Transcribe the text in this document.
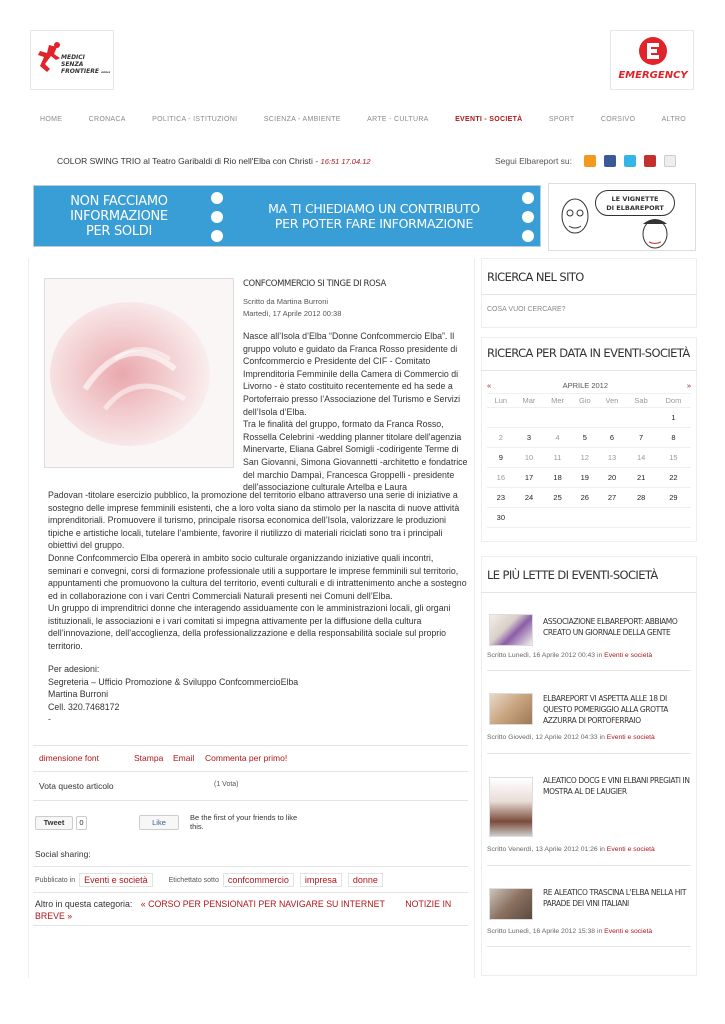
MEDICI
SENZA FRONTIERE onlus	EMERGENCY
HOME	CRONACA	POLITICA - ISTITUZIONI	SCIENZA - AMBIENTE	ARTE - CULTURA	EVENTI - SOCIETÀ	SPORT	CORSIVO	ALTRO
COLOR SWING TRIO al Teatro Garibaldi di Rio nell'Elba con Christi - 16:51 17.04.12	Segui Elbareport su:
NON FACCIAMO
INFORMAZIONE
PER SOLDI
MA TI CHIEDIAMO UN CONTRIBUTO
PER POTER FARE INFORMAZIONE
LE VIGNETTE
DI ELBAREPORT
CONFCOMMERCIO SI TINGE DI ROSA
Scritto da Martina Burroni
Martedì, 17 Aprile 2012 00:38
Nasce all’Isola d’Elba “Donne Confcommercio Elba”. Il gruppo voluto e guidato da Franca Rosso presidente di Confcommercio e Presidente del CIF - Comitato Imprenditoria Femminile della Camera di Commercio di Livorno - è stato costituito recentemente ed ha sede a Portoferraio presso l’Associazione del Turismo e Servizi dell’Isola d’Elba.
Tra le finalità del gruppo, formato da Franca Rosso, Rossella Celebrini -wedding planner titolare dell'agenzia Minervarte, Eliana Gabrel Somigli -codirigente Terme di San Giovanni, Simona Giovannetti -architetto e fondatrice del marchio Dampaì, Francesca Groppelli - presidente dell'associazione culturale Artelba e Laura
Padovan -titolare esercizio pubblico, la promozione del territorio elbano attraverso una serie di iniziative a sostegno delle imprese femminili esistenti, che a loro volta siano da stimolo per la nascita di nuove attività imprenditoriali. Promuovere il turismo, principale risorsa economica dell’Isola, valorizzare le produzioni tipiche e artistiche locali, tutelare l’ambiente, favorire il riutilizzo di materiali riciclati sono tra i principali obiettivi del gruppo.
Donne Confcommercio Elba opererà in ambito socio culturale organizzando iniziative quali incontri, seminari e convegni, corsi di formazione professionale utili a supportare le imprese femminili sul territorio, appuntamenti che promuovono la cultura del territorio, eventi culturali e di intrattenimento anche a sostegno ed in collaborazione con i vari Centri Commerciali Naturali presenti nei Comuni dell’Elba.
Un gruppo di imprenditrici donne che interagendo assiduamente con le amministrazioni locali, gli organi istituzionali, le associazioni e i vari comitati si impegna attivamente per la diffusione della cultura dell’innovazione, dell’accoglienza, della professionalizzazione e della responsabilità sociale sul proprio territorio.
Per adesioni:
Segreteria – Ufficio Promozione & Sviluppo ConfcommercioElba
Martina Burroni
Cell. 320.7468172
-
dimensione font	Stampa Email Commenta per primo!
Vota questo articolo	(1 Vota)
Tweet	0	Like
Be the first of your friends to like this.
Social sharing:
Pubblicato in	Eventi e società	Etichettato sotto	confcommercio	impresa	donne
Altro in questa categoria: « CORSO PER PENSIONATI PER NAVIGARE SU INTERNET NOTIZIE IN BREVE »
RICERCA NEL SITO
COSA VUOI CERCARE?
RICERCA PER DATA IN EVENTI-SOCIETÀ
«	APRILE 2012					»
Lun	Mar	Mer	Gio	Ven	Sab	Dom
						1
2	3	4	5	6	7	8
9	10	11	12	13	14	15
16	17	18	19	20	21	22
23	24	25	26	27	28	29
30						
LE PIÙ LETTE DI EVENTI-SOCIETÀ
ASSOCIAZIONE ELBAREPORT: ABBIAMO CREATO UN GIORNALE DELLA GENTE
Scritto Lunedì, 16 Aprile 2012 00:43 in Eventi e società
ELBAREPORT VI ASPETTA ALLE 18 DI QUESTO POMERIGGIO ALLA GROTTA AZZURRA DI PORTOFERRAIO
Scritto Giovedì, 12 Aprile 2012 04:33 in Eventi e società
ALEATICO DOCG E VINI ELBANI PREGIATI IN MOSTRA AL DE LAUGIER
Scritto Venerdì, 13 Aprile 2012 01:26 in Eventi e società
RE ALEATICO TRASCINA L'ELBA NELLA HIT PARADE DEI VINI ITALIANI
Scritto Lunedì, 16 Aprile 2012 15:38 in Eventi e società
